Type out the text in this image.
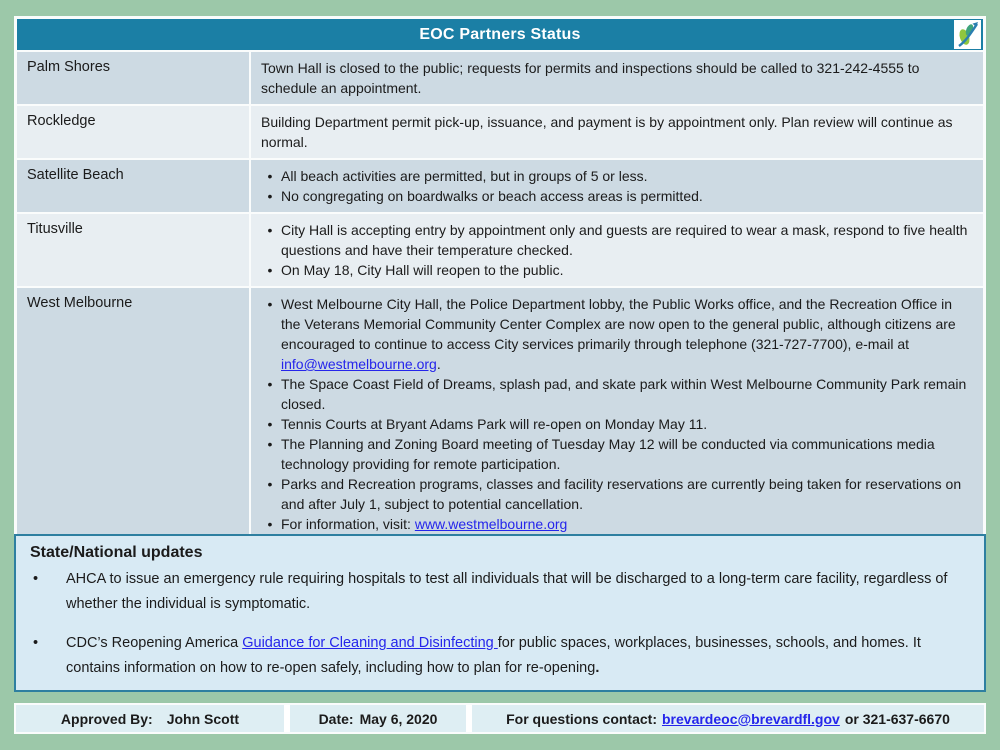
EOC Partners Status
Palm Shores	Town Hall is closed to the public; requests for permits and inspections should be called to 321-242-4555 to schedule an appointment.
Rockledge	Building Department permit pick-up, issuance, and payment is by appointment only. Plan review will continue as normal.
Satellite Beach	• All beach activities are permitted, but in groups of 5 or less.
• No congregating on boardwalks or beach access areas is permitted.
Titusville	• City Hall is accepting entry by appointment only and guests are required to wear a mask, respond to five health questions and have their temperature checked.
• On May 18, City Hall will reopen to the public.
West Melbourne	• West Melbourne City Hall, the Police Department lobby, the Public Works office, and the Recreation Office in the Veterans Memorial Community Center Complex are now open to the general public, although citizens are encouraged to continue to access City services primarily through telephone (321-727-7700), e-mail at info@westmelbourne.org.
• The Space Coast Field of Dreams, splash pad, and skate park within West Melbourne Community Park remain closed.
• Tennis Courts at Bryant Adams Park will re-open on Monday May 11.
• The Planning and Zoning Board meeting of Tuesday May 12 will be conducted via communications media technology providing for remote participation.
• Parks and Recreation programs, classes and facility reservations are currently being taken for reservations on and after July 1, subject to potential cancellation.
• For information, visit: www.westmelbourne.org
State/National updates
•	AHCA to issue an emergency rule requiring hospitals to test all individuals that will be discharged to a long-term care facility, regardless of whether the individual is symptomatic.
•	CDC’s Reopening America Guidance for Cleaning and Disinfecting for public spaces, workplaces, businesses, schools, and homes. It contains information on how to re-open safely, including how to plan for re-opening.
Approved By: John Scott	Date: May 6, 2020	For questions contact: brevardeoc@brevardfl.gov or 321-637-6670
